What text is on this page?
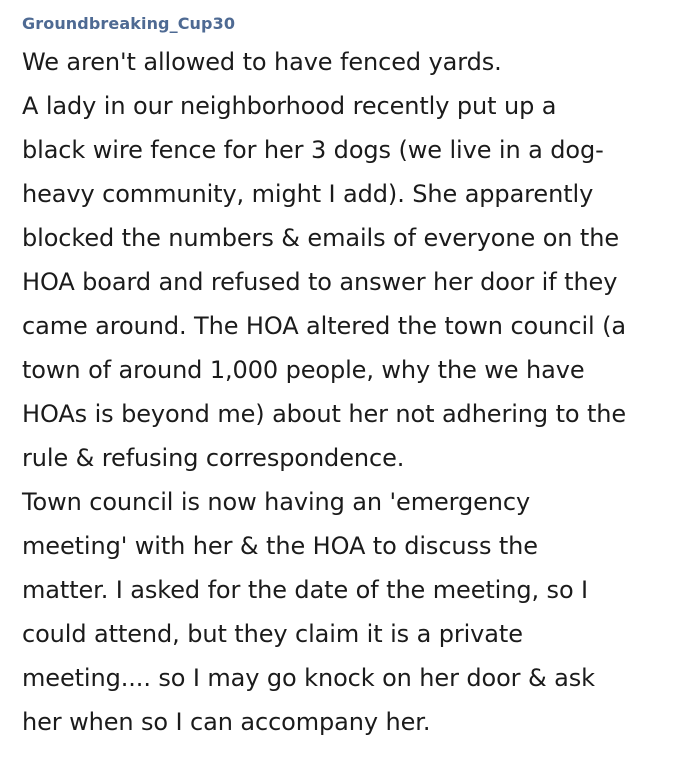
Groundbreaking_Cup30
We aren't allowed to have fenced yards.
A lady in our neighborhood recently put up a
black wire fence for her 3 dogs (we live in a dog-
heavy community, might I add). She apparently
blocked the numbers & emails of everyone on the
HOA board and refused to answer her door if they
came around. The HOA altered the town council (a
town of around 1,000 people, why the we have
HOAs is beyond me) about her not adhering to the
rule & refusing correspondence.
Town council is now having an 'emergency
meeting' with her & the HOA to discuss the
matter. I asked for the date of the meeting, so I
could attend, but they claim it is a private
meeting.... so I may go knock on her door & ask
her when so I can accompany her.
